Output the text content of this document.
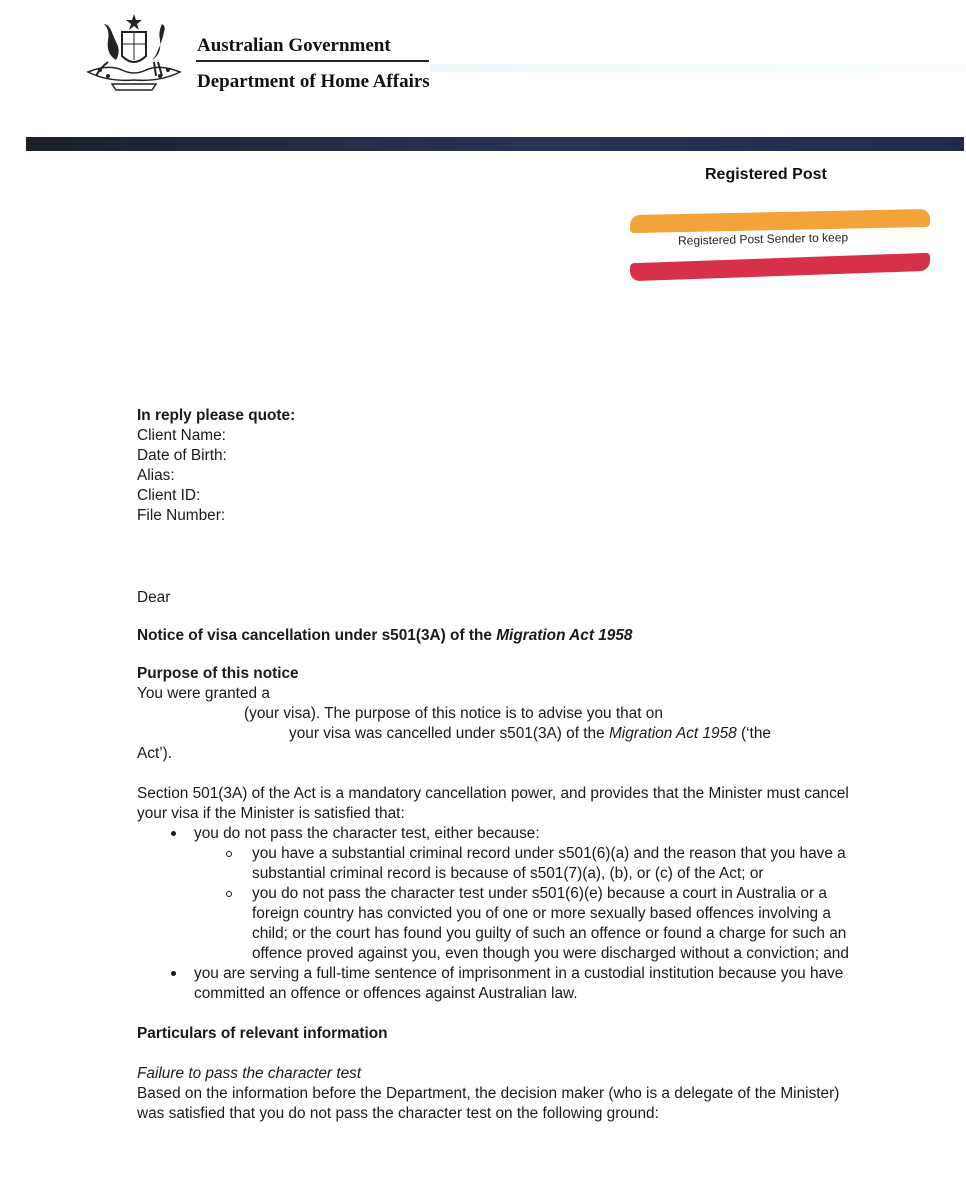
Australian Government
Department of Home Affairs
Registered Post
Registered Post Sender to keep
In reply please quote:
Client Name:
Date of Birth:
Alias:
Client ID:
File Number:
Dear
Notice of visa cancellation under s501(3A) of the Migration Act 1958
Purpose of this notice
You were granted a
(your visa). The purpose of this notice is to advise you that on
your visa was cancelled under s501(3A) of the Migration Act 1958 (‘the
Act’).
Section 501(3A) of the Act is a mandatory cancellation power, and provides that the Minister must cancel your visa if the Minister is satisfied that:
you do not pass the character test, either because:
you have a substantial criminal record under s501(6)(a) and the reason that you have a substantial criminal record is because of s501(7)(a), (b), or (c) of the Act; or
you do not pass the character test under s501(6)(e) because a court in Australia or a foreign country has convicted you of one or more sexually based offences involving a child; or the court has found you guilty of such an offence or found a charge for such an offence proved against you, even though you were discharged without a conviction; and
you are serving a full-time sentence of imprisonment in a custodial institution because you have committed an offence or offences against Australian law.
Particulars of relevant information
Failure to pass the character test
Based on the information before the Department, the decision maker (who is a delegate of the Minister) was satisfied that you do not pass the character test on the following ground:
